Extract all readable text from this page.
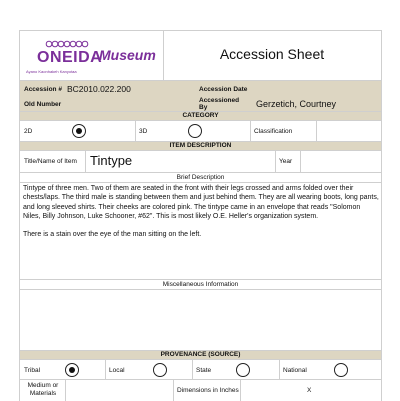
ONEIDA
Ayano Kaonhakeh Kanyotaa
Museum	Accession Sheet
Accession # BC2010.022.200	Accession Date
Old Number
Accessioned By	Gerzetich, Courtney
CATEGORY
2D	3D	Classification
ITEM DESCRIPTION
Title/Name of Item Tintype	Year
Brief Description
Tintype of three men. Two of them are seated in the front with their legs crossed and arms folded over their chests/laps. The third male is standing between them and just behind them. They are all wearing boots, long pants, and long sleeved shirts. Their cheeks are colored pink. The tintype came in an envelope that reads "Solomon Niles, Billy Johnson, Luke Schooner, #62". This is most likely O.E. Heller's organization system.
There is a stain over the eye of the man sitting on the left.
Miscellaneous Information
PROVENANCE (SOURCE)
Tribal	Local	State	National
Medium or Materials	Dimensions in Inches	X
